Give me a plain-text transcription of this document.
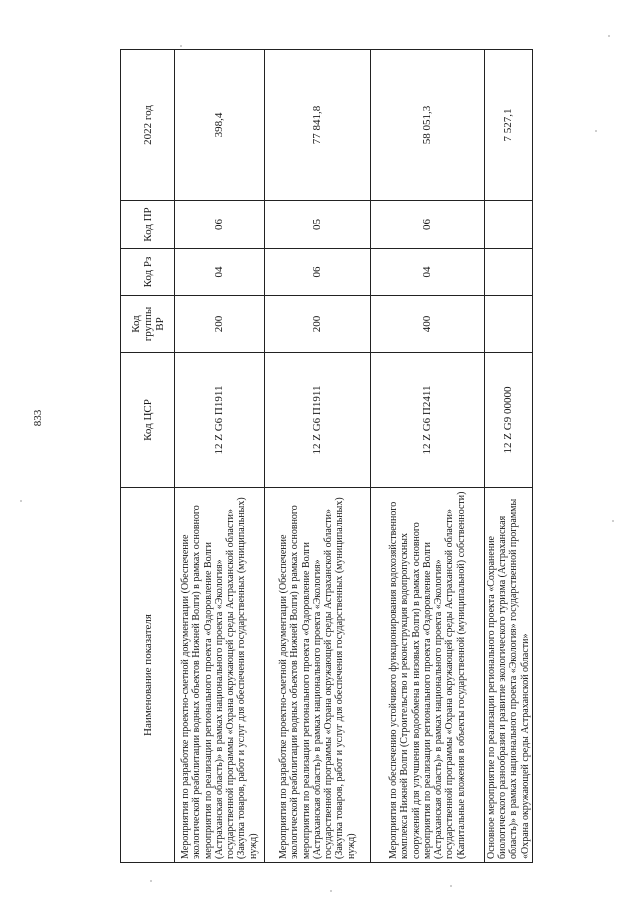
833
Наименование показателя	Код ЦСР	Код группы ВР	Код Рз	Код ПР	2022 год
Мероприятия по разработке проектно-сметной документации (Обеспечение экологической реабилитации водных объектов Нижней Волги) в рамках основного мероприятия по реализации регионального проекта «Оздоровление Волги (Астраханская область)» в рамках национального проекта «Экология» государственной программы «Охрана окружающей среды Астраханской области» (Закупка товаров, работ и услуг для обеспечения государственных (муниципальных) нужд)	12 Z G6 П1911	200	04	06	398,4
Мероприятия по разработке проектно-сметной документации (Обеспечение экологической реабилитации водных объектов Нижней Волги) в рамках основного мероприятия по реализации регионального проекта «Оздоровление Волги (Астраханская область)» в рамках национального проекта «Экология» государственной программы «Охрана окружающей среды Астраханской области» (Закупка товаров, работ и услуг для обеспечения государственных (муниципальных) нужд)	12 Z G6 П1911	200	06	05	77 841,8
Мероприятия по обеспечению устойчивого функционирования водохозяйственного комплекса Нижней Волги (Строительство и реконструкция водопропускных сооружений для улучшения водообмена в низовьях Волги) в рамках основного мероприятия по реализации регионального проекта «Оздоровление Волги (Астраханская область)» в рамках национального проекта «Экология» государственной программы «Охрана окружающей среды Астраханской области» (Капитальные вложения в объекты государственной (муниципальной) собственности)	12 Z G6 П2411	400	04	06	58 051,3
Основное мероприятие по реализации регионального проекта «Сохранение биологического разнообразия и развитие экологического туризма (Астраханская область)» в рамках национального проекта «Экология» государственной программы «Охрана окружающей среды Астраханской области»	12 Z G9 00000				7 527,1
